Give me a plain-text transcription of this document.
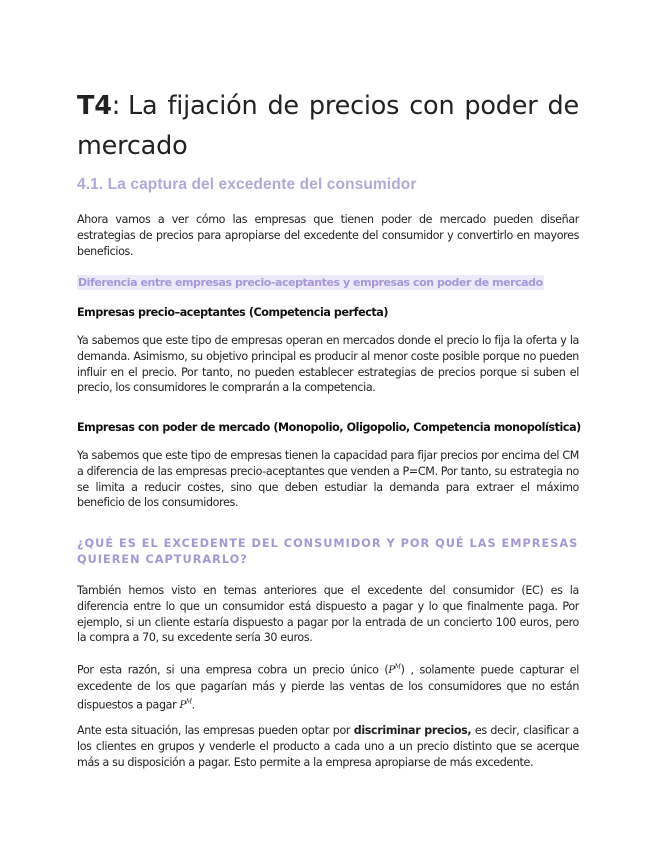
T4: La fijación de precios con poder de
mercado
4.1. La captura del excedente del consumidor

Ahora vamos a ver cómo las empresas que tienen poder de mercado pueden diseñar estrategias de precios para apropiarse del excedente del consumidor y convertirlo en mayores beneficios.

Diferencia entre empresas precio-aceptantes y empresas con poder de mercado
Empresas precio–aceptantes (Competencia perfecta)

Ya sabemos que este tipo de empresas operan en mercados donde el precio lo fija la oferta y la demanda. Asimismo, su objetivo principal es producir al menor coste posible porque no pueden influir en el precio. Por tanto, no pueden establecer estrategias de precios porque si suben el precio, los consumidores le comprarán a la competencia.

Empresas con poder de mercado (Monopolio, Oligopolio, Competencia monopolística)

Ya sabemos que este tipo de empresas tienen la capacidad para fijar precios por encima del CM a diferencia de las empresas precio-aceptantes que venden a P=CM. Por tanto, su estrategia no se limita a reducir costes, sino que deben estudiar la demanda para extraer el máximo beneficio de los consumidores.

¿QUÉ ES EL EXCEDENTE DEL CONSUMIDOR Y POR QUÉ LAS EMPRESAS QUIEREN CAPTURARLO?

También hemos visto en temas anteriores que el excedente del consumidor (EC) es la diferencia entre lo que un consumidor está dispuesto a pagar y lo que finalmente paga. Por ejemplo, si un cliente estaría dispuesto a pagar por la entrada de un concierto 100 euros, pero la compra a 70, su excedente sería 30 euros.

Por esta razón, si una empresa cobra un precio único $(P^M)$ , solamente puede capturar el excedente de los que pagarían más y pierde las ventas de los consumidores que no están dispuestos a pagar $P^M$.

Ante esta situación, las empresas pueden optar por discriminar precios, es decir, clasificar a los clientes en grupos y venderle el producto a cada uno a un precio distinto que se acerque más a su disposición a pagar. Esto permite a la empresa apropiarse de más excedente.
